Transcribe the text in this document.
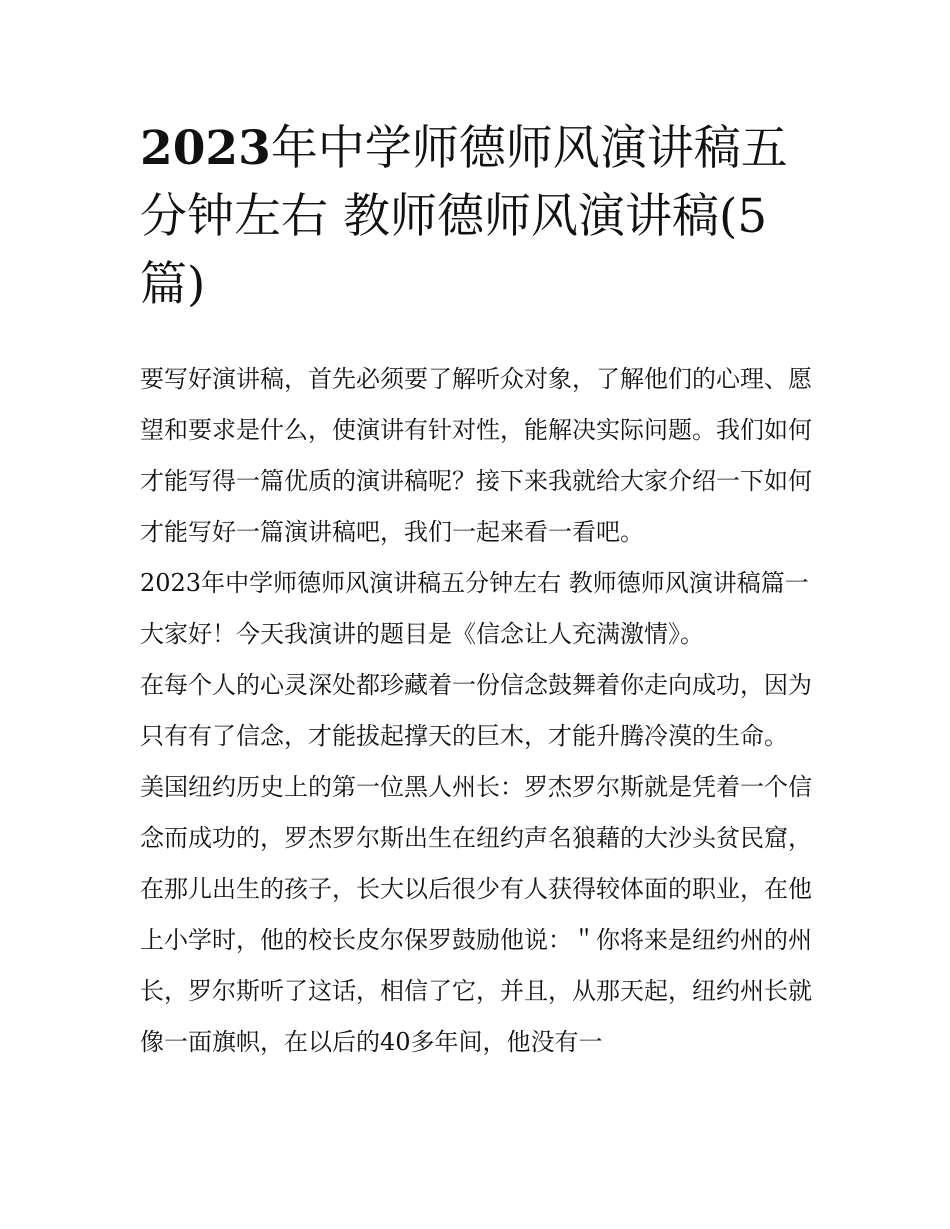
2023年中学师德师风演讲稿五分钟左右 教师德师风演讲稿(5篇)

要写好演讲稿，首先必须要了解听众对象，了解他们的心理、愿望和要求是什么，使演讲有针对性，能解决实际问题。我们如何才能写得一篇优质的演讲稿呢？接下来我就给大家介绍一下如何才能写好一篇演讲稿吧，我们一起来看一看吧。

2023年中学师德师风演讲稿五分钟左右 教师德师风演讲稿篇一 大家好！今天我演讲的题目是《信念让人充满激情》。

在每个人的心灵深处都珍藏着一份信念鼓舞着你走向成功，因为只有有了信念，才能拔起撑天的巨木，才能升腾冷漠的生命。

美国纽约历史上的第一位黑人州长：罗杰罗尔斯就是凭着一个信念而成功的，罗杰罗尔斯出生在纽约声名狼藉的大沙头贫民窟，在那儿出生的孩子，长大以后很少有人获得较体面的职业，在他上小学时，他的校长皮尔保罗鼓励他说：＂你将来是纽约州的州长，罗尔斯听了这话，相信了它，并且，从那天起，纽约州长就像一面旗帜，在以后的40多年间，他没有一
